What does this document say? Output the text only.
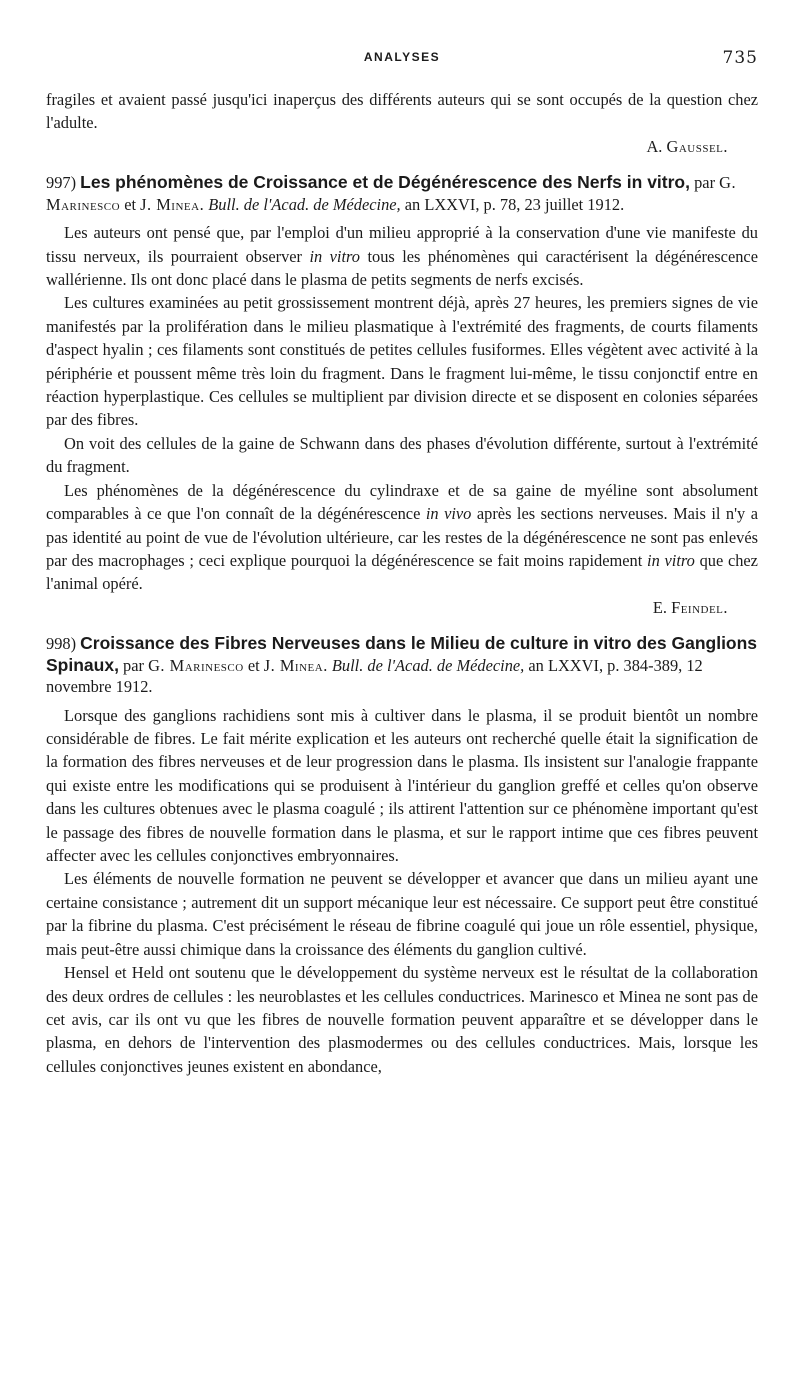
ANALYSES	735

fragiles et avaient passé jusqu'ici inaperçus des différents auteurs qui se sont occupés de la question chez l'adulte.

A. Gaussel.

997) Les phénomènes de Croissance et de Dégénérescence des Nerfs in vitro, par G. Marinesco et J. Minea. Bull. de l'Acad. de Médecine, an LXXVI, p. 78, 23 juillet 1912.

Les auteurs ont pensé que, par l'emploi d'un milieu approprié à la conservation d'une vie manifeste du tissu nerveux, ils pourraient observer in vitro tous les phénomènes qui caractérisent la dégénérescence wallérienne. Ils ont donc placé dans le plasma de petits segments de nerfs excisés.

Les cultures examinées au petit grossissement montrent déjà, après 27 heures, les premiers signes de vie manifestés par la prolifération dans le milieu plasmatique à l'extrémité des fragments, de courts filaments d'aspect hyalin ; ces filaments sont constitués de petites cellules fusiformes. Elles végètent avec activité à la périphérie et poussent même très loin du fragment. Dans le fragment lui-même, le tissu conjonctif entre en réaction hyperplastique. Ces cellules se multiplient par division directe et se disposent en colonies séparées par des fibres.

On voit des cellules de la gaine de Schwann dans des phases d'évolution différente, surtout à l'extrémité du fragment.

Les phénomènes de la dégénérescence du cylindraxe et de sa gaine de myéline sont absolument comparables à ce que l'on connaît de la dégénérescence in vivo après les sections nerveuses. Mais il n'y a pas identité au point de vue de l'évolution ultérieure, car les restes de la dégénérescence ne sont pas enlevés par des macrophages ; ceci explique pourquoi la dégénérescence se fait moins rapidement in vitro que chez l'animal opéré.

E. Feindel.

998) Croissance des Fibres Nerveuses dans le Milieu de culture in vitro des Ganglions Spinaux, par G. Marinesco et J. Minea. Bull. de l'Acad. de Médecine, an LXXVI, p. 384-389, 12 novembre 1912.

Lorsque des ganglions rachidiens sont mis à cultiver dans le plasma, il se produit bientôt un nombre considérable de fibres. Le fait mérite explication et les auteurs ont recherché quelle était la signification de la formation des fibres nerveuses et de leur progression dans le plasma. Ils insistent sur l'analogie frappante qui existe entre les modifications qui se produisent à l'intérieur du ganglion greffé et celles qu'on observe dans les cultures obtenues avec le plasma coagulé ; ils attirent l'attention sur ce phénomène important qu'est le passage des fibres de nouvelle formation dans le plasma, et sur le rapport intime que ces fibres peuvent affecter avec les cellules conjonctives embryonnaires.

Les éléments de nouvelle formation ne peuvent se développer et avancer que dans un milieu ayant une certaine consistance ; autrement dit un support mécanique leur est nécessaire. Ce support peut être constitué par la fibrine du plasma. C'est précisément le réseau de fibrine coagulé qui joue un rôle essentiel, physique, mais peut-être aussi chimique dans la croissance des éléments du ganglion cultivé.

Hensel et Held ont soutenu que le développement du système nerveux est le résultat de la collaboration des deux ordres de cellules : les neuroblastes et les cellules conductrices. Marinesco et Minea ne sont pas de cet avis, car ils ont vu que les fibres de nouvelle formation peuvent apparaître et se développer dans le plasma, en dehors de l'intervention des plasmodermes ou des cellules conductrices. Mais, lorsque les cellules conjonctives jeunes existent en abondance,
